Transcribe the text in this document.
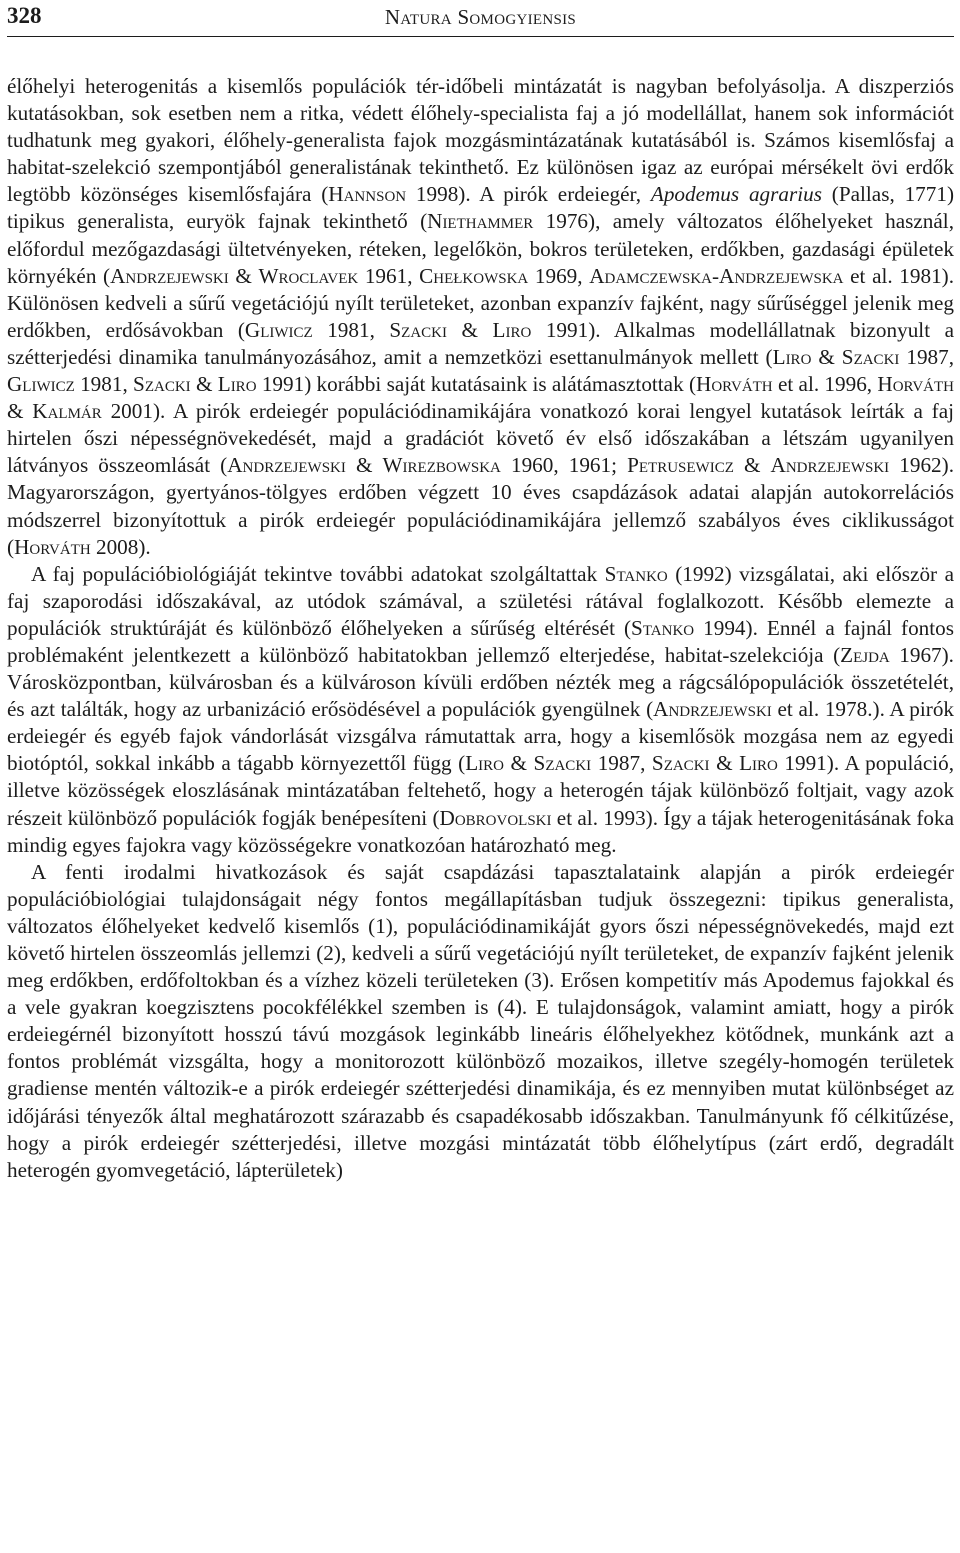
328	Natura Somogyiensis

élőhelyi heterogenitás a kisemlős populációk tér-időbeli mintázatát is nagyban befolyásolja. A diszperziós kutatásokban, sok esetben nem a ritka, védett élőhely-specialista faj a jó modellállat, hanem sok információt tudhatunk meg gyakori, élőhely-generalista fajok mozgásmintázatának kutatásából is. Számos kisemlősfaj a habitat-szelekció szempontjából generalistának tekinthető. Ez különösen igaz az európai mérsékelt övi erdők legtöbb közönséges kisemlősfajára (Hannson 1998). A pirók erdeiegér, Apodemus agrarius (Pallas, 1771) tipikus generalista, euryök fajnak tekinthető (Niethammer 1976), amely változatos élőhelyeket használ, előfordul mezőgazdasági ültetvényeken, réteken, legelőkön, bokros területeken, erdőkben, gazdasági épületek környékén (Andrzejewski & Wroclavek 1961, Chełkowska 1969, Adamczewska-Andrzejewska et al. 1981). Különösen kedveli a sűrű vegetációjú nyílt területeket, azonban expanzív fajként, nagy sűrűséggel jelenik meg erdőkben, erdősávokban (Gliwicz 1981, Szacki & Liro 1991). Alkalmas modellállatnak bizonyult a szétterjedési dinamika tanulmányozásához, amit a nemzetközi esettanulmányok mellett (Liro & Szacki 1987, Gliwicz 1981, Szacki & Liro 1991) korábbi saját kutatásaink is alátámasztottak (Horváth et al. 1996, Horváth & Kalmár 2001). A pirók erdeiegér populációdinamikájára vonatkozó korai lengyel kutatások leírták a faj hirtelen őszi népességnövekedését, majd a gradációt követő év első időszakában a létszám ugyanilyen látványos összeomlását (Andrzejewski & Wirezbowska 1960, 1961; Petrusewicz & Andrzejewski 1962). Magyarországon, gyertyános-tölgyes erdőben végzett 10 éves csapdázások adatai alapján autokorrelációs módszerrel bizonyítottuk a pirók erdeiegér populációdinamikájára jellemző szabályos éves ciklikusságot (Horváth 2008).

A faj populációbiológiáját tekintve további adatokat szolgáltattak Stanko (1992) vizsgálatai, aki először a faj szaporodási időszakával, az utódok számával, a születési rátával foglalkozott. Később elemezte a populációk struktúráját és különböző élőhelyeken a sűrűség eltérését (Stanko 1994). Ennél a fajnál fontos problémaként jelentkezett a különböző habitatokban jellemző elterjedése, habitat-szelekciója (Zejda 1967). Városközpontban, külvárosban és a külvároson kívüli erdőben nézték meg a rágcsálópopulációk összetételét, és azt találták, hogy az urbanizáció erősödésével a populációk gyengülnek (Andrzejewski et al. 1978.). A pirók erdeiegér és egyéb fajok vándorlását vizsgálva rámutattak arra, hogy a kisemlősök mozgása nem az egyedi biotóptól, sokkal inkább a tágabb környezettől függ (Liro & Szacki 1987, Szacki & Liro 1991). A populáció, illetve közösségek eloszlásának mintázatában feltehető, hogy a heterogén tájak különböző foltjait, vagy azok részeit különböző populációk fogják benépesíteni (Dobrovolski et al. 1993). Így a tájak heterogenitásának foka mindig egyes fajokra vagy közösségekre vonatkozóan határozható meg.

A fenti irodalmi hivatkozások és saját csapdázási tapasztalataink alapján a pirók erdeiegér populációbiológiai tulajdonságait négy fontos megállapításban tudjuk összegezni: tipikus generalista, változatos élőhelyeket kedvelő kisemlős (1), populációdinamikáját gyors őszi népességnövekedés, majd ezt követő hirtelen összeomlás jellemzi (2), kedveli a sűrű vegetációjú nyílt területeket, de expanzív fajként jelenik meg erdőkben, erdőfoltokban és a vízhez közeli területeken (3). Erősen kompetitív más Apodemus fajokkal és a vele gyakran koegzisztens pocokfélékkel szemben is (4). E tulajdonságok, valamint amiatt, hogy a pirók erdeiegérnél bizonyított hosszú távú mozgások leginkább lineáris élőhelyekhez kötődnek, munkánk azt a fontos problémát vizsgálta, hogy a monitorozott különböző mozaikos, illetve szegély-homogén területek gradiense mentén változik-e a pirók erdeiegér szétterjedési dinamikája, és ez mennyiben mutat különbséget az időjárási tényezők által meghatározott szárazabb és csapadékosabb időszakban. Tanulmányunk fő célkitűzése, hogy a pirók erdeiegér szétterjedési, illetve mozgási mintázatát több élőhelytípus (zárt erdő, degradált heterogén gyomvegetáció, lápterületek)
